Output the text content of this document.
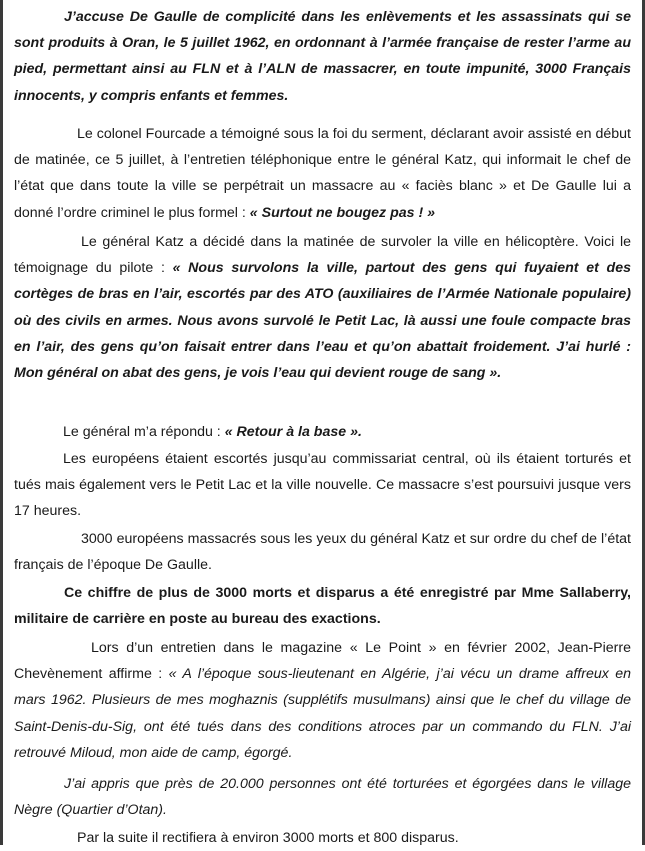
J’accuse De Gaulle de complicité dans les enlèvements et les assassinats qui se sont produits à Oran, le 5 juillet 1962, en ordonnant à l’armée française de rester l’arme au pied, permettant ainsi au FLN et à l’ALN de massacrer, en toute impunité, 3000 Français innocents, y compris enfants et femmes.

Le colonel Fourcade a témoigné sous la foi du serment, déclarant avoir assisté en début de matinée, ce 5 juillet, à l’entretien téléphonique entre le général Katz, qui informait le chef de l’état que dans toute la ville se perpétrait un massacre au « faciès blanc » et De Gaulle lui a donné l’ordre criminel le plus formel : « Surtout ne bougez pas ! »

Le général Katz a décidé dans la matinée de survoler la ville en hélicoptère. Voici le témoignage du pilote : « Nous survolons la ville, partout des gens qui fuyaient et des cortèges de bras en l’air, escortés par des ATO (auxiliaires de l’Armée Nationale populaire) où des civils en armes. Nous avons survolé le Petit Lac, là aussi une foule compacte bras en l’air, des gens qu’on faisait entrer dans l’eau et qu’on abattait froidement. J’ai hurlé : Mon général on abat des gens, je vois l’eau qui devient rouge de sang ».

Le général m’a répondu : « Retour à la base ».

Les européens étaient escortés jusqu’au commissariat central, où ils étaient torturés et tués mais également vers le Petit Lac et la ville nouvelle. Ce massacre s’est poursuivi jusque vers 17 heures.

3000 européens massacrés sous les yeux du général Katz et sur ordre du chef de l’état français de l’époque De Gaulle.

Ce chiffre de plus de 3000 morts et disparus a été enregistré par Mme Sallaberry, militaire de carrière en poste au bureau des exactions.

Lors d’un entretien dans le magazine « Le Point » en février 2002, Jean-Pierre Chevènement affirme : « A l’époque sous-lieutenant en Algérie, j’ai vécu un drame affreux en mars 1962. Plusieurs de mes moghaznis (supplétifs musulmans) ainsi que le chef du village de Saint-Denis-du-Sig, ont été tués dans des conditions atroces par un commando du FLN. J’ai retrouvé Miloud, mon aide de camp, égorgé.

J’ai appris que près de 20.000 personnes ont été torturées et égorgées dans le village Nègre (Quartier d’Otan).

Par la suite il rectifiera à environ 3000 morts et 800 disparus.
